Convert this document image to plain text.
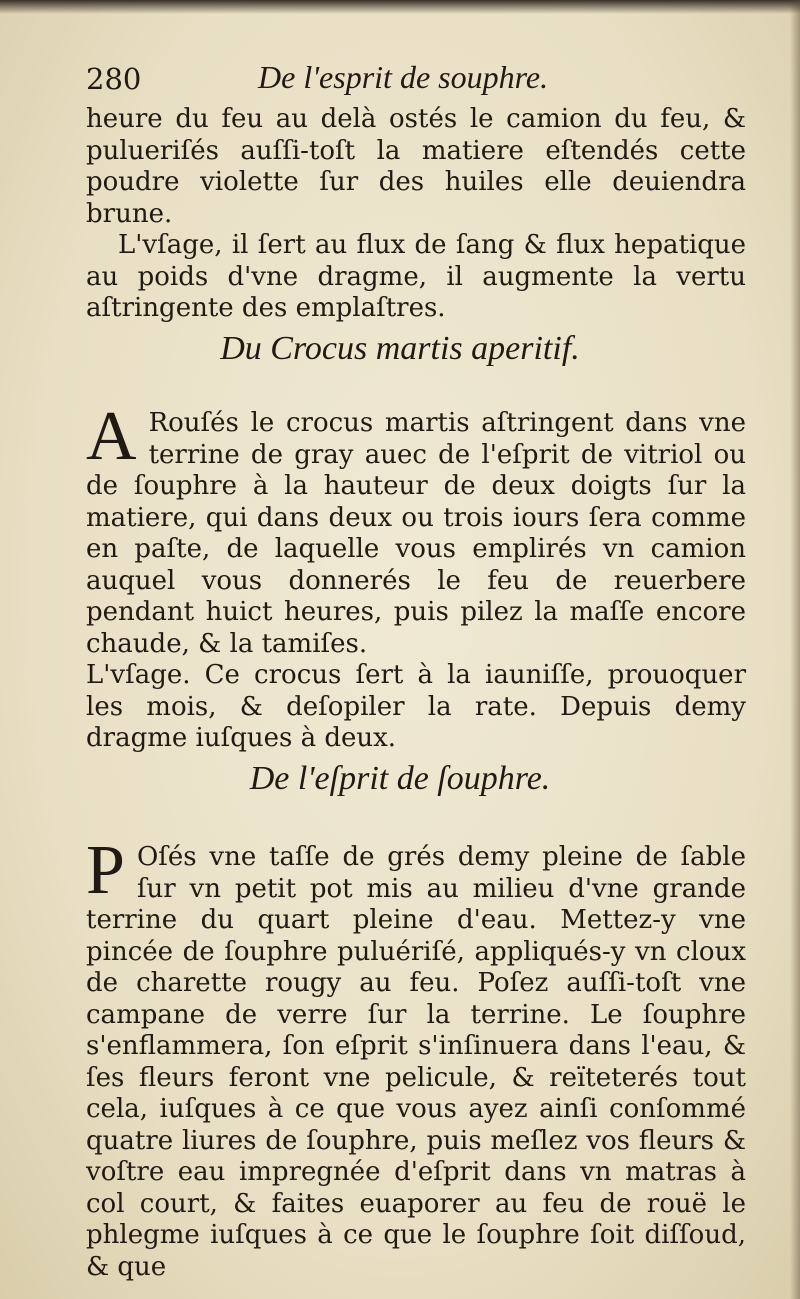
280	De l'esprit de souphre.

heure du feu au delà ostés le camion du feu, & pulueriſés auſſi-toſt la matiere eſtendés cette poudre violette ſur des huiles elle deuiendra brune.

L'vſage, il ſert au flux de ſang & flux hepatique au poids d'vne dragme, il augmente la vertu aſtringente des emplaſtres.

Du Crocus martis aperitif.
A Rouſés le crocus martis aſtringent dans vne terrine de gray auec de l'eſprit de vitriol ou de ſouphre à la hauteur de deux doigts ſur la matiere, qui dans deux ou trois iours ſera comme en paſte, de laquelle vous emplirés vn camion auquel vous donnerés le feu de reuerbere pendant huict heures, puis pilez la maſſe encore chaude, & la tamiſes.

L'vſage. Ce crocus ſert à la iauniſſe, prouoquer les mois, & deſopiler la rate. Depuis demy dragme iuſques à deux.

De l'eſprit de ſouphre.
P Oſés vne taſſe de grés demy pleine de ſable ſur vn petit pot mis au milieu d'vne grande terrine du quart pleine d'eau. Mettez-y vne pincée de ſouphre puluériſé, appliqués-y vn cloux de charette rougy au feu. Poſez auſſi-toſt vne campane de verre ſur la terrine. Le ſouphre s'enflammera, ſon eſprit s'inſinuera dans l'eau, & ſes fleurs feront vne pelicule, & reïteterés tout cela, iuſques à ce que vous ayez ainſi conſommé quatre liures de ſouphre, puis meſlez vos fleurs & voſtre eau impregnée d'eſprit dans vn matras à col court, & faites euaporer au feu de rouë le phlegme iuſques à ce que le ſouphre ſoit diſſoud, & que
